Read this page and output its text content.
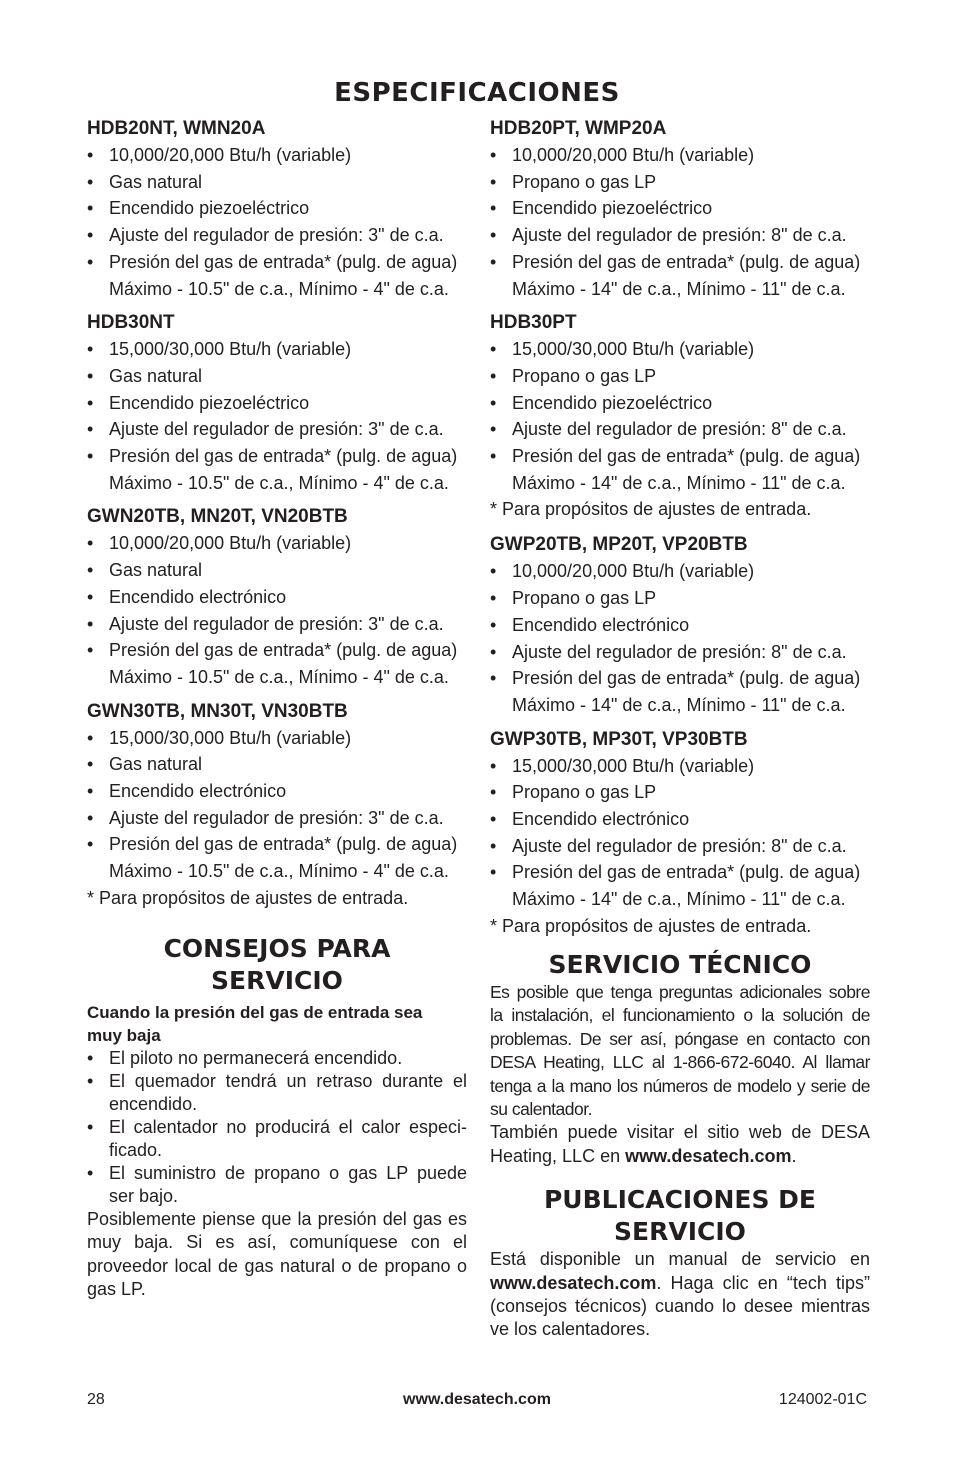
ESPECIFICACIONES
HDB20NT, WMN20A
• 10,000/20,000 Btu/h (variable)
• Gas natural
• Encendido piezoeléctrico
• Ajuste del regulador de presión: 3" de c.a.
• Presión del gas de entrada* (pulg. de agua)
Máximo - 10.5" de c.a., Mínimo - 4" de c.a.
HDB30NT
• 15,000/30,000 Btu/h (variable)
• Gas natural
• Encendido piezoeléctrico
• Ajuste del regulador de presión: 3" de c.a.
• Presión del gas de entrada* (pulg. de agua)
Máximo - 10.5" de c.a., Mínimo - 4" de c.a.
GWN20TB, MN20T, VN20BTB
• 10,000/20,000 Btu/h (variable)
• Gas natural
• Encendido electrónico
• Ajuste del regulador de presión: 3" de c.a.
• Presión del gas de entrada* (pulg. de agua)
Máximo - 10.5" de c.a., Mínimo - 4" de c.a.
GWN30TB, MN30T, VN30BTB
• 15,000/30,000 Btu/h (variable)
• Gas natural
• Encendido electrónico
• Ajuste del regulador de presión: 3" de c.a.
• Presión del gas de entrada* (pulg. de agua)
Máximo - 10.5" de c.a., Mínimo - 4" de c.a.

* Para propósitos de ajustes de entrada.

CONSEJOS PARA SERVICIO

Cuando la presión del gas de entrada sea muy baja

• El piloto no permanecerá encendido.
• El quemador tendrá un retraso durante el encendido.
• El calentador no producirá el calor especificado.
• El suministro de propano o gas LP puede ser bajo.

Posiblemente piense que la presión del gas es muy baja. Si es así, comuníquese con el proveedor local de gas natural o de propano o gas LP.

HDB20PT, WMP20A
• 10,000/20,000 Btu/h (variable)
• Propano o gas LP
• Encendido piezoeléctrico
• Ajuste del regulador de presión: 8" de c.a.
• Presión del gas de entrada* (pulg. de agua)
Máximo - 14" de c.a., Mínimo - 11" de c.a.
HDB30PT
• 15,000/30,000 Btu/h (variable)
• Propano o gas LP
• Encendido piezoeléctrico
• Ajuste del regulador de presión: 8" de c.a.
• Presión del gas de entrada* (pulg. de agua)
Máximo - 14" de c.a., Mínimo - 11" de c.a.

* Para propósitos de ajustes de entrada.

GWP20TB, MP20T, VP20BTB
• 10,000/20,000 Btu/h (variable)
• Propano o gas LP
• Encendido electrónico
• Ajuste del regulador de presión: 8" de c.a.
• Presión del gas de entrada* (pulg. de agua)
Máximo - 14" de c.a., Mínimo - 11" de c.a.
GWP30TB, MP30T, VP30BTB
• 15,000/30,000 Btu/h (variable)
• Propano o gas LP
• Encendido electrónico
• Ajuste del regulador de presión: 8" de c.a.
• Presión del gas de entrada* (pulg. de agua)
Máximo - 14" de c.a., Mínimo - 11" de c.a.

* Para propósitos de ajustes de entrada.

SERVICIO TÉCNICO

Es posible que tenga preguntas adicionales sobre la instalación, el funcionamiento o la solución de problemas. De ser así, póngase en contacto con DESA Heating, LLC al 1-866-672-6040. Al llamar tenga a la mano los números de modelo y serie de su calentador.

También puede visitar el sitio web de DESA Heating, LLC en www.desatech.com.

PUBLICACIONES DE SERVICIO

Está disponible un manual de servicio en www.desatech.com. Haga clic en “tech tips” (consejos técnicos) cuando lo desee mientras ve los calentadores.

28	www.desatech.com	124002-01C
